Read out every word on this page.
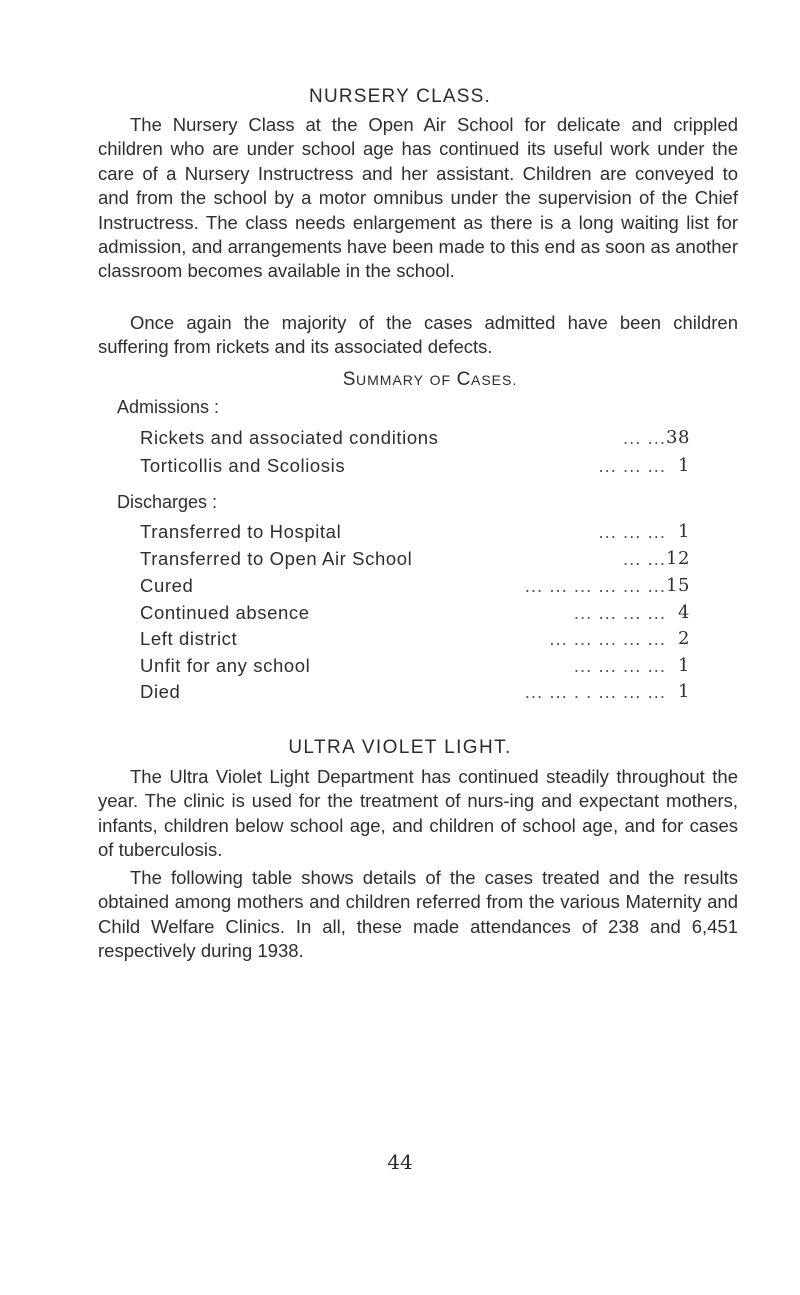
NURSERY CLASS.

The Nursery Class at the Open Air School for delicate and crippled children who are under school age has continued its useful work under the care of a Nursery Instructress and her assistant. Children are conveyed to and from the school by a motor omnibus under the supervision of the Chief Instructress. The class needs enlargement as there is a long waiting list for admission, and arrangements have been made to this end as soon as another classroom becomes available in the school.

Once again the majority of the cases admitted have been children suffering from rickets and its associated defects.

SUMMARY OF CASES.
Admissions :
Rickets and associated conditions	... ... 38
Torticollis and Scoliosis	... ... ... 1
Discharges :
Transferred to Hospital	... ... ... 1
Transferred to Open Air School	... ... 12
Cured	... ... ... ... ... ... 15
Continued absence	... ... ... ... 4
Left district	... ... ... ... ... 2
Unfit for any school	... ... ... ... 1
Died	... ... . . ... ... ... 1
ULTRA VIOLET LIGHT.

The Ultra Violet Light Department has continued steadily throughout the year. The clinic is used for the treatment of nurs-ing and expectant mothers, infants, children below school age, and children of school age, and for cases of tuberculosis.

The following table shows details of the cases treated and the results obtained among mothers and children referred from the various Maternity and Child Welfare Clinics. In all, these made attendances of 238 and 6,451 respectively during 1938.

44
